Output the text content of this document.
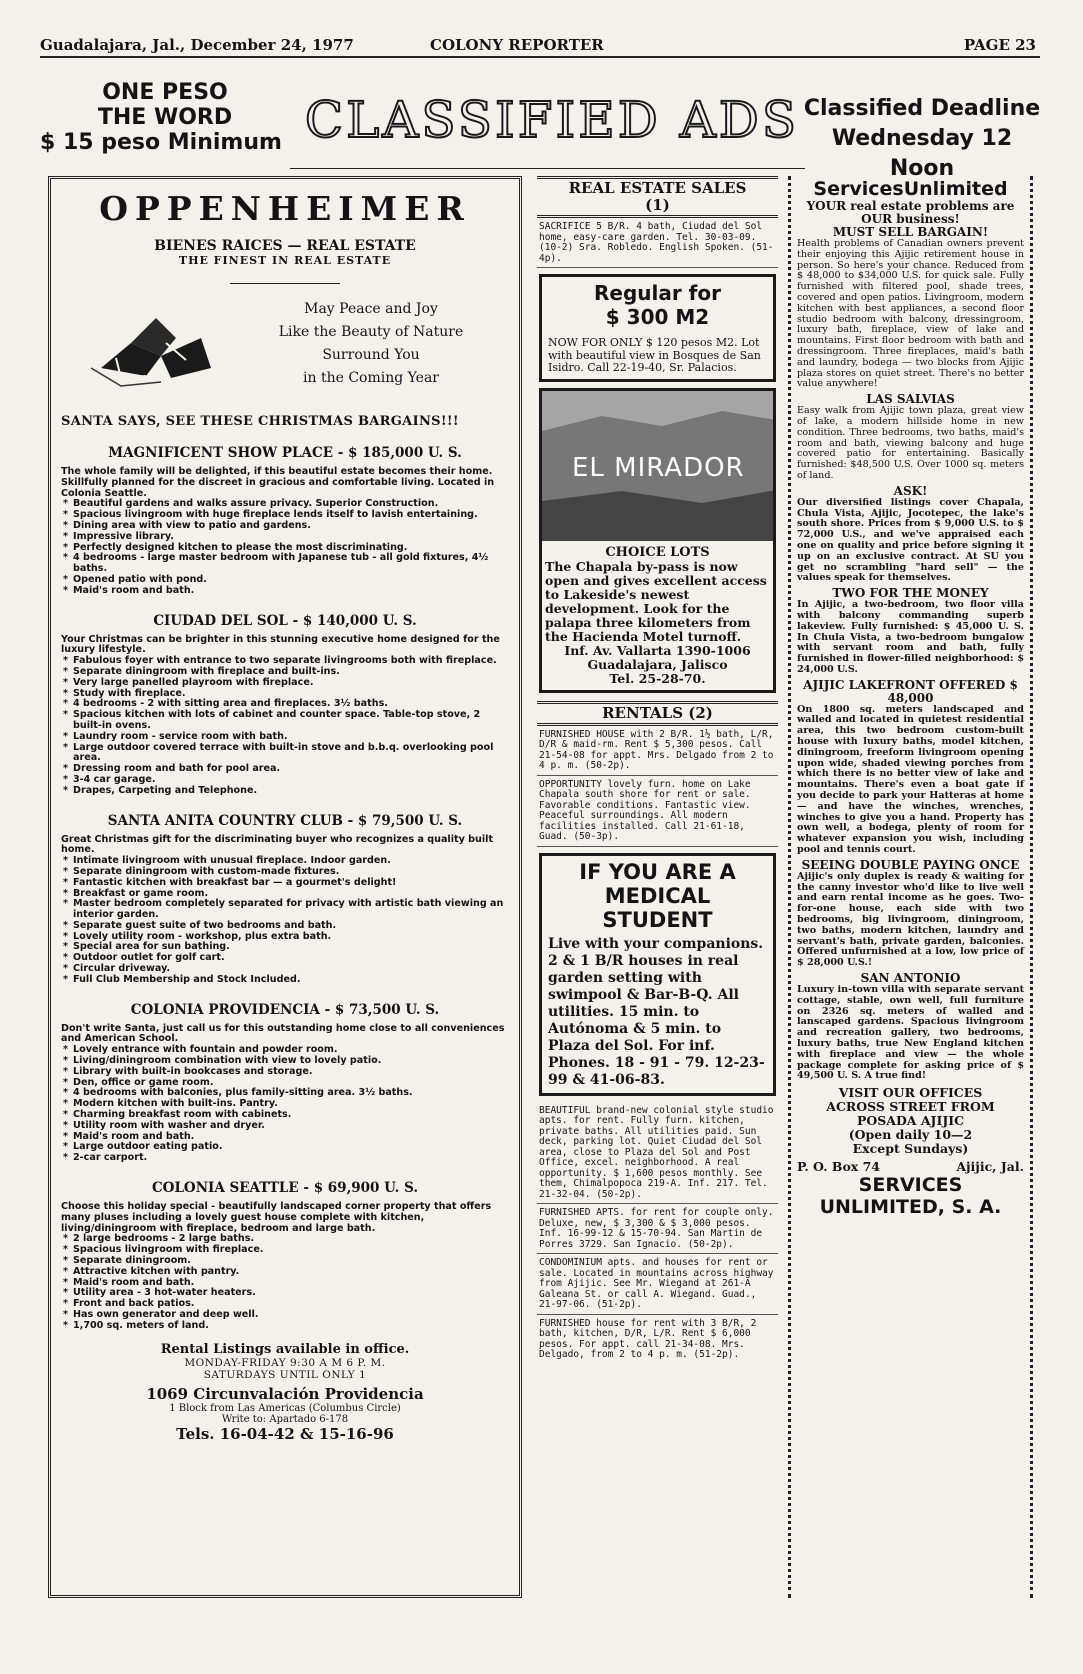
Guadalajara, Jal., December 24, 1977	COLONY REPORTER	PAGE 23
ONE PESO
THE WORD
$ 15 peso Minimum CLASSIFIED ADS Classified Deadline
Wednesday 12 Noon
OPPENHEIMER
BIENES RAICES — REAL ESTATE
THE FINEST IN REAL ESTATE
May Peace and Joy
Like the Beauty of Nature
Surround You
in the Coming Year
SANTA SAYS, SEE THESE CHRISTMAS BARGAINS!!!
MAGNIFICENT SHOW PLACE - $ 185,000 U. S.
The whole family will be delighted, if this beautiful estate becomes their home. Skillfully planned for the discreet in gracious and comfortable living. Located in Colonia Seattle.
* Beautiful gardens and walks assure privacy. Superior Construction.
* Spacious livingroom with huge fireplace lends itself to lavish entertaining.
* Dining area with view to patio and gardens.
* Impressive library.
* Perfectly designed kitchen to please the most discriminating.
* 4 bedrooms - large master bedroom with Japanese tub - all gold fixtures, 4½ baths.
* Opened patio with pond.
* Maid's room and bath.
CIUDAD DEL SOL - $ 140,000 U. S.
Your Christmas can be brighter in this stunning executive home designed for the luxury lifestyle.
* Fabulous foyer with entrance to two separate livingrooms both with fireplace.
* Separate diningroom with fireplace and built-ins.
* Very large panelled playroom with fireplace.
* Study with fireplace.
* 4 bedrooms - 2 with sitting area and fireplaces. 3½ baths.
* Spacious kitchen with lots of cabinet and counter space. Table-top stove, 2 built-in ovens.
* Laundry room - service room with bath.
* Large outdoor covered terrace with built-in stove and b.b.q. overlooking pool area.
* Dressing room and bath for pool area.
* 3-4 car garage.
* Drapes, Carpeting and Telephone.
SANTA ANITA COUNTRY CLUB - $ 79,500 U. S.
Great Christmas gift for the discriminating buyer who recognizes a quality built home.
* Intimate livingroom with unusual fireplace. Indoor garden.
* Separate diningroom with custom-made fixtures.
* Fantastic kitchen with breakfast bar — a gourmet's delight!
* Breakfast or game room.
* Master bedroom completely separated for privacy with artistic bath viewing an interior garden.
* Separate guest suite of two bedrooms and bath.
* Lovely utility room - workshop, plus extra bath.
* Special area for sun bathing.
* Outdoor outlet for golf cart.
* Circular driveway.
* Full Club Membership and Stock Included.
COLONIA PROVIDENCIA - $ 73,500 U. S.
Don't write Santa, just call us for this outstanding home close to all conveniences and American School.
* Lovely entrance with fountain and powder room.
* Living/diningroom combination with view to lovely patio.
* Library with built-in bookcases and storage.
* Den, office or game room.
* 4 bedrooms with balconies, plus family-sitting area. 3½ baths.
* Modern kitchen with built-ins. Pantry.
* Charming breakfast room with cabinets.
* Utility room with washer and dryer.
* Maid's room and bath.
* Large outdoor eating patio.
* 2-car carport.
COLONIA SEATTLE - $ 69,900 U. S.
Choose this holiday special - beautifully landscaped corner property that offers many pluses including a lovely guest house complete with kitchen, living/diningroom with fireplace, bedroom and large bath.
* 2 large bedrooms - 2 large baths.
* Spacious livingroom with fireplace.
* Separate diningroom.
* Attractive kitchen with pantry.
* Maid's room and bath.
* Utility area - 3 hot-water heaters.
* Front and back patios.
* Has own generator and deep well.
* 1,700 sq. meters of land.
Rental Listings available in office.
MONDAY-FRIDAY 9:30 A M 6 P. M.
SATURDAYS UNTIL ONLY 1
1069 Circunvalación Providencia
1 Block from Las Americas (Columbus Circle)
Write to: Apartado 6-178
Tels. 16-04-42 & 15-16-96
REAL ESTATE SALES
(1)
SACRIFICE 5 B/R. 4 bath, Ciudad del Sol home, easy-care garden. Tel. 30-03-09. (10-2) Sra. Robledo. English Spoken. (51-4p).
Regular for
$ 300 M2
NOW FOR ONLY $ 120 pesos M2. Lot with beautiful view in Bosques de San Isidro. Call 22-19-40, Sr. Palacios.
EL MIRADOR
CHOICE LOTS
The Chapala by-pass is now open and gives excellent access to Lakeside's newest development. Look for the palapa three kilometers from the Hacienda Motel turnoff.
Inf. Av. Vallarta 1390-1006
Guadalajara, Jalisco
Tel. 25-28-70.
RENTALS (2)
FURNISHED HOUSE with 2 B/R. 1½ bath, L/R, D/R & maid-rm. Rent $ 5,300 pesos. Call 21-54-08 for appt. Mrs. Delgado from 2 to 4 p. m. (50-2p).
OPPORTUNITY lovely furn. home on Lake Chapala south shore for rent or sale. Favorable conditions. Fantastic view. Peaceful surroundings. All modern facilities installed. Call 21-61-18, Guad. (50-3p).
IF YOU ARE A
MEDICAL
STUDENT
Live with your companions. 2 & 1 B/R houses in real garden setting with swimpool & Bar-B-Q. All utilities. 15 min. to Autónoma & 5 min. to Plaza del Sol. For inf. Phones. 18 - 91 - 79. 12-23-99 & 41-06-83.
BEAUTIFUL brand-new colonial style studio apts. for rent. Fully furn. kitchen, private baths. All utilities paid. Sun deck, parking lot. Quiet Ciudad del Sol area, close to Plaza del Sol and Post Office, excel. neighborhood. A real opportunity. $ 1,600 pesos monthly. See them, Chimalpopoca 219-A. Inf. 217. Tel. 21-32-04. (50-2p).
FURNISHED APTS. for rent for couple only. Deluxe, new, $ 3,300 & $ 3,000 pesos. Inf. 16-99-12 & 15-70-94. San Martin de Porres 3729. San Ignacio. (50-2p).
CONDOMINIUM apts. and houses for rent or sale. Located in mountains across highway from Ajijic. See Mr. Wiegand at 261-A Galeana St. or call A. Wiegand. Guad., 21-97-06. (51-2p).
FURNISHED house for rent with 3 B/R, 2 bath, kitchen, D/R, L/R. Rent $ 6,000 pesos. For appt. call 21-34-08. Mrs. Delgado, from 2 to 4 p. m. (51-2p).
ServicesUnlimited
YOUR real estate problems are OUR business!
MUST SELL BARGAIN!
Health problems of Canadian owners prevent their enjoying this Ajijic retirement house in person. So here's your chance. Reduced from $ 48,000 to $34,000 U.S. for quick sale. Fully furnished with filtered pool, shade trees, covered and open patios. Livingroom, modern kitchen with best appliances, a second floor studio bedroom with balcony, dressingroom, luxury bath, fireplace, view of lake and mountains. First floor bedroom with bath and dressingroom. Three fireplaces, maid's bath and laundry, bodega — two blocks from Ajijic plaza stores on quiet street. There's no better value anywhere!
LAS SALVIAS
Easy walk from Ajijic town plaza, great view of lake, a modern hillside home in new condition. Three bedrooms, two baths, maid's room and bath, viewing balcony and huge covered patio for entertaining. Basically furnished: $48,500 U.S. Over 1000 sq. meters of land.
ASK!
Our diversified listings cover Chapala, Chula Vista, Ajijic, Jocotepec, the lake's south shore. Prices from $ 9,000 U.S. to $ 72,000 U.S., and we've appraised each one on quality and price before signing it up on an exclusive contract. At SU you get no scrambling "hard sell" — the values speak for themselves.
TWO FOR THE MONEY
In Ajijic, a two-bedroom, two floor villa with balcony commanding superb lakeview. Fully furnished: $ 45,000 U. S. In Chula Vista, a two-bedroom bungalow with servant room and bath, fully furnished in flower-filled neighborhood: $ 24,000 U.S.
AJIJIC LAKEFRONT OFFERED $ 48,000
On 1800 sq. meters landscaped and walled and located in quietest residential area, this two bedroom custom-built house with luxury baths, model kitchen, diningroom, freeform livingroom opening upon wide, shaded viewing porches from which there is no better view of lake and mountains. There's even a boat gate if you decide to park your Hatteras at home — and have the winches, wrenches, winches to give you a hand. Property has own well, a bodega, plenty of room for whatever expansion you wish, including pool and tennis court.
SEEING DOUBLE PAYING ONCE
Ajijic's only duplex is ready & waiting for the canny investor who'd like to live well and earn rental income as he goes. Two-for-one house, each side with two bedrooms, big livingroom, diningroom, two baths, modern kitchen, laundry and servant's bath, private garden, balconies. Offered unfurnished at a low, low price of $ 28,000 U.S.!
SAN ANTONIO
Luxury in-town villa with separate servant cottage, stable, own well, full furniture on 2326 sq. meters of walled and lanscaped gardens. Spacious livingroom and recreation gallery, two bedrooms, luxury baths, true New England kitchen with fireplace and view — the whole package complete for asking price of $ 49,500 U. S. A true find!
VISIT OUR OFFICES
ACROSS STREET FROM
POSADA AJIJIC
(Open daily 10—2
Except Sundays)
P. O. Box 74	Ajijic, Jal.
SERVICES
UNLIMITED, S. A.
